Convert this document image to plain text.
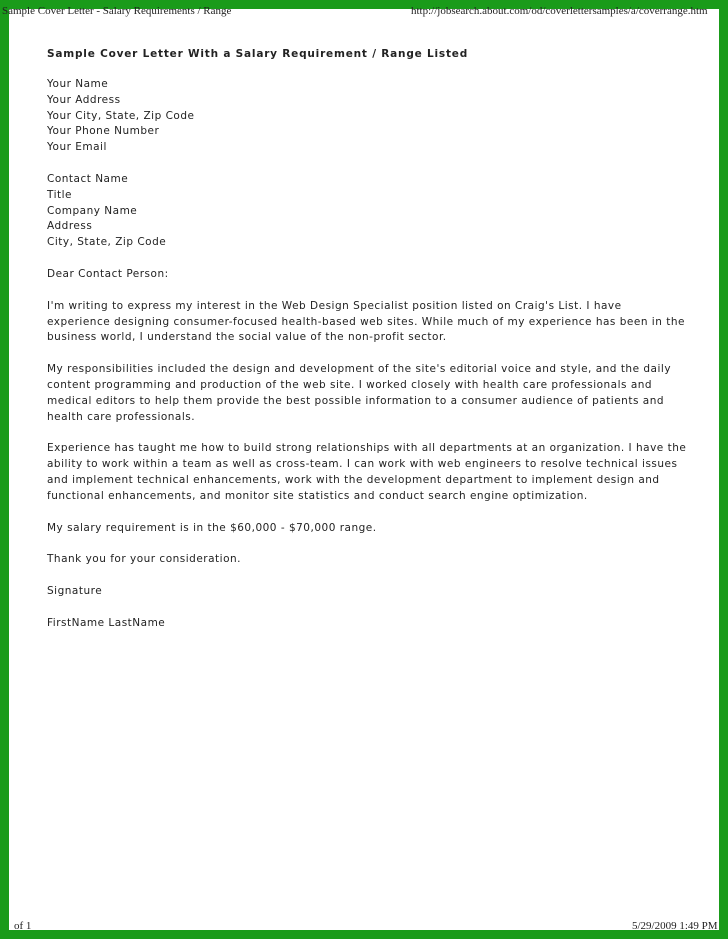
Sample Cover Letter - Salary Requirements / Range	http://jobsearch.about.com/od/coverlettersamples/a/coverrange.htm
Sample Cover Letter With a Salary Requirement / Range Listed
Your Name
Your Address
Your City, State, Zip Code
Your Phone Number
Your Email
Contact Name
Title
Company Name
Address
City, State, Zip Code

Dear Contact Person:

I'm writing to express my interest in the Web Design Specialist position listed on Craig's List. I have experience designing consumer-focused health-based web sites. While much of my experience has been in the business world, I understand the social value of the non-profit sector.

My responsibilities included the design and development of the site's editorial voice and style, and the daily content programming and production of the web site. I worked closely with health care professionals and medical editors to help them provide the best possible information to a consumer audience of patients and health care professionals.

Experience has taught me how to build strong relationships with all departments at an organization. I have the ability to work within a team as well as cross-team. I can work with web engineers to resolve technical issues and implement technical enhancements, work with the development department to implement design and functional enhancements, and monitor site statistics and conduct search engine optimization.

My salary requirement is in the $60,000 - $70,000 range.

Thank you for your consideration.

Signature

FirstName LastName

of 1	5/29/2009 1:49 PM
